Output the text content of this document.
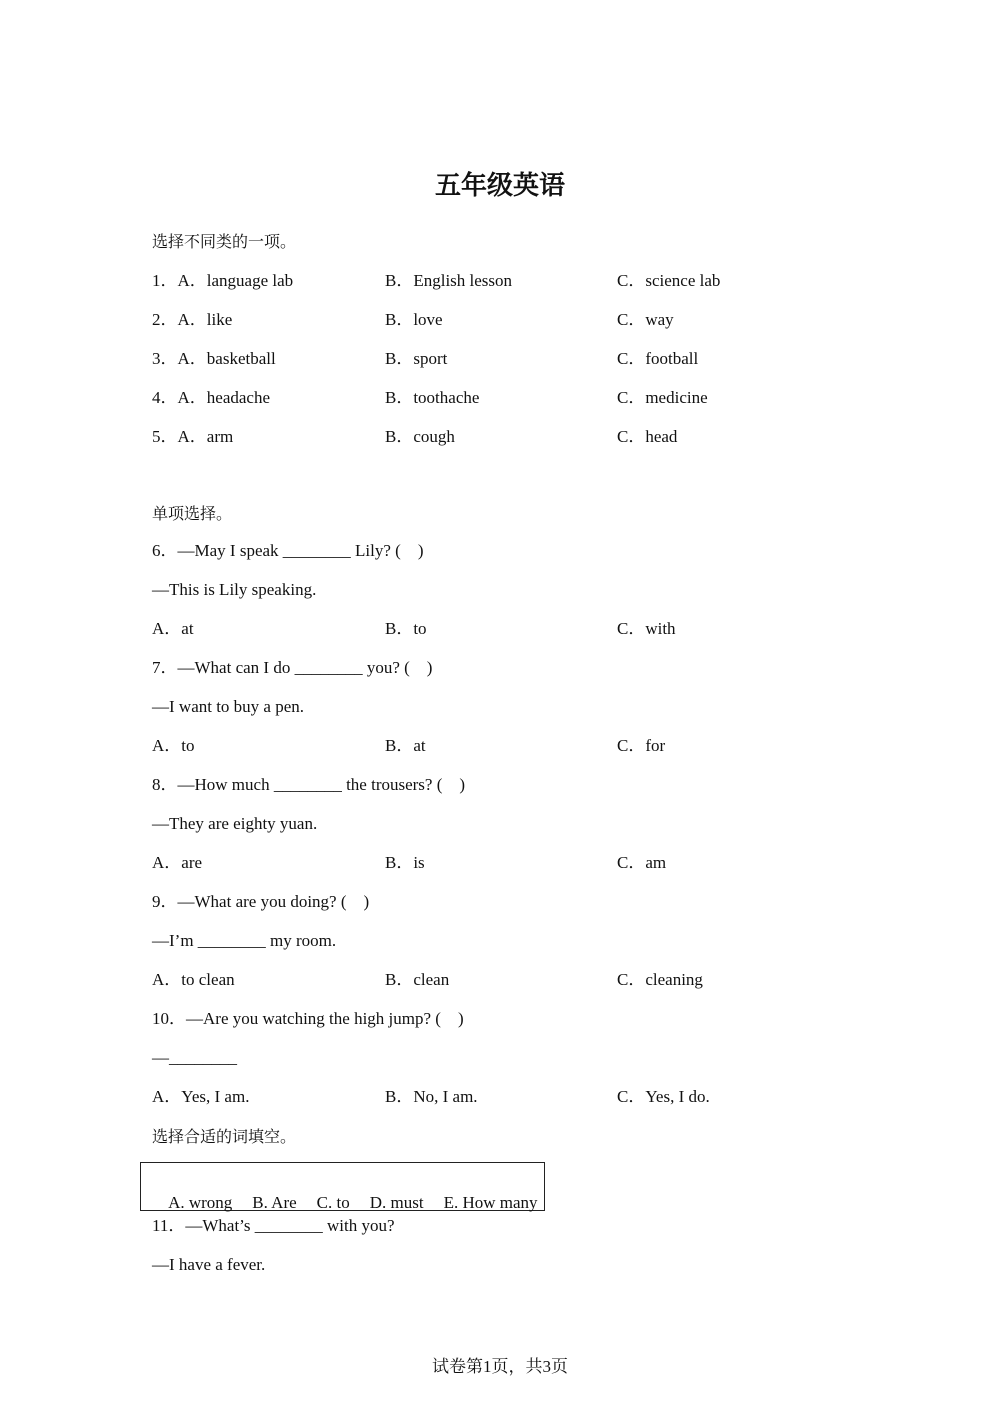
五年级英语
选择不同类的一项。
1．A．language lab	B．English lesson	C．science lab
2．A．like	B．love	C．way
3．A．basketball	B．sport	C．football
4．A．headache	B．toothache	C．medicine
5．A．arm	B．cough	C．head
单项选择。
6．—May I speak ________ Lily? (　)
—This is Lily speaking.
A．at	B．to	C．with
7．—What can I do ________ you? (　)
—I want to buy a pen.
A．to	B．at	C．for
8．—How much ________ the trousers? (　)
—They are eighty yuan.
A．are	B．is	C．am
9．—What are you doing? (　)
—I’m ________ my room.
A．to clean	B．clean	C．cleaning
10．—Are you watching the high jump? (　)
—________
A．Yes, I am.	B．No, I am.	C．Yes, I do.
选择合适的词填空。

A. wrong B. Are C. to D. must E. How many

11．—What’s ________ with you?
—I have a fever.
试卷第1页，共3页
